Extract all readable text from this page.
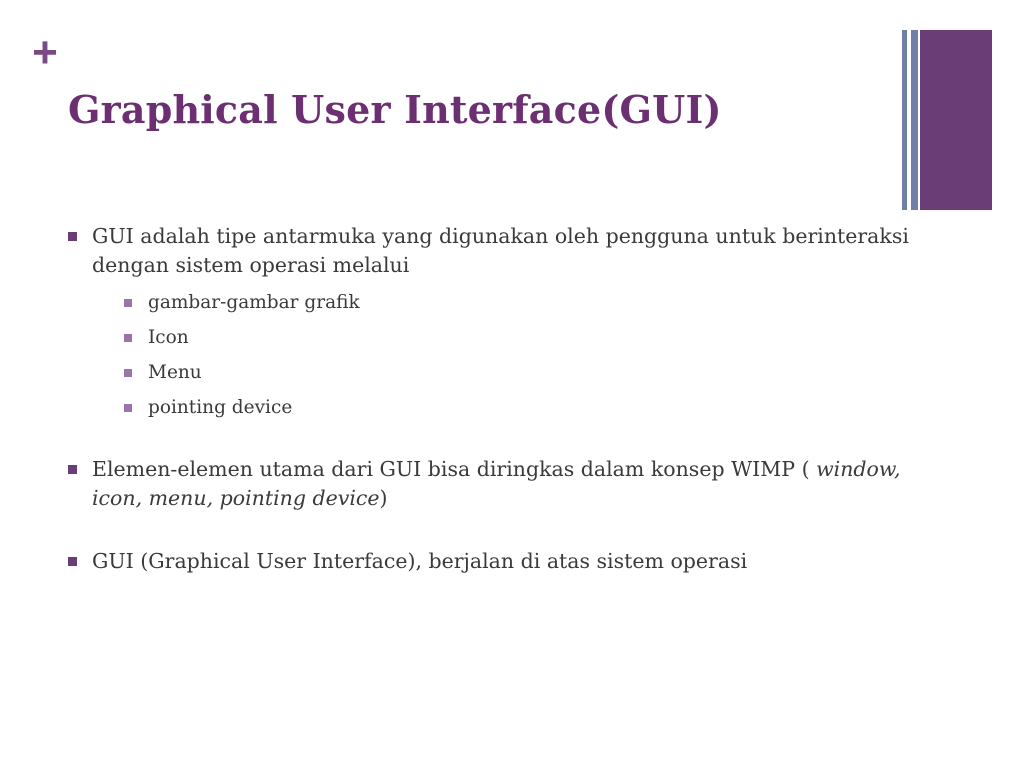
+
Graphical User Interface(GUI)
GUI adalah tipe antarmuka yang digunakan oleh pengguna untuk berinteraksi dengan sistem operasi melalui
gambar-gambar grafik
Icon
Menu
pointing device
Elemen-elemen utama dari GUI bisa diringkas dalam konsep WIMP ( window, icon, menu, pointing device)
GUI (Graphical User Interface), berjalan di atas sistem operasi
